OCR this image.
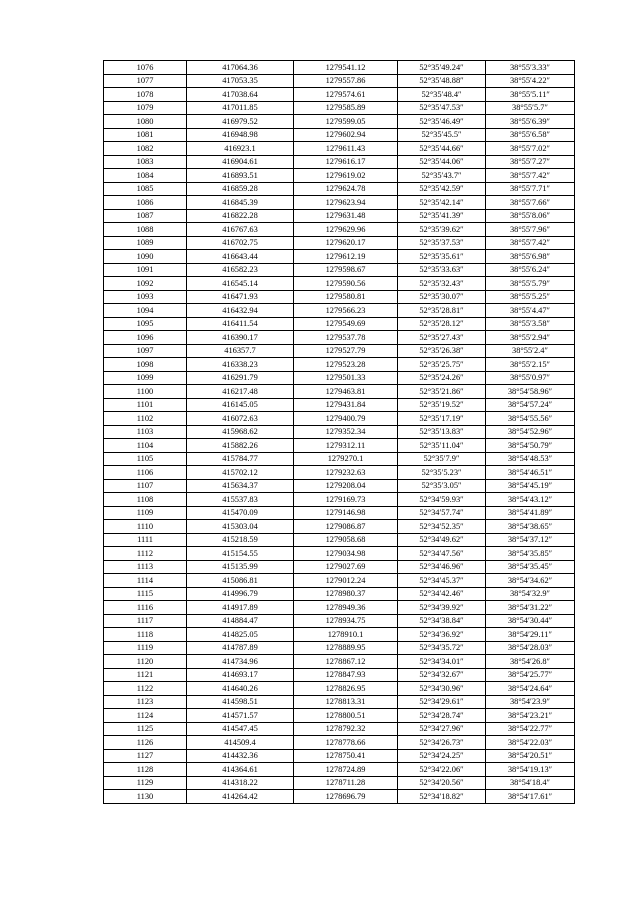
1076	417064.36	1279541.12	52°35′49.24″	38°55′3.33″
1077	417053.35	1279557.86	52°35′48.88″	38°55′4.22″
1078	417038.64	1279574.61	52°35′48.4″	38°55′5.11″
1079	417011.85	1279585.89	52°35′47.53″	38°55′5.7″
1080	416979.52	1279599.05	52°35′46.49″	38°55′6.39″
1081	416948.98	1279602.94	52°35′45.5″	38°55′6.58″
1082	416923.1	1279611.43	52°35′44.66″	38°55′7.02″
1083	416904.61	1279616.17	52°35′44.06″	38°55′7.27″
1084	416893.51	1279619.02	52°35′43.7″	38°55′7.42″
1085	416859.28	1279624.78	52°35′42.59″	38°55′7.71″
1086	416845.39	1279623.94	52°35′42.14″	38°55′7.66″
1087	416822.28	1279631.48	52°35′41.39″	38°55′8.06″
1088	416767.63	1279629.96	52°35′39.62″	38°55′7.96″
1089	416702.75	1279620.17	52°35′37.53″	38°55′7.42″
1090	416643.44	1279612.19	52°35′35.61″	38°55′6.98″
1091	416582.23	1279598.67	52°35′33.63″	38°55′6.24″
1092	416545.14	1279590.56	52°35′32.43″	38°55′5.79″
1093	416471.93	1279580.81	52°35′30.07″	38°55′5.25″
1094	416432.94	1279566.23	52°35′28.81″	38°55′4.47″
1095	416411.54	1279549.69	52°35′28.12″	38°55′3.58″
1096	416390.17	1279537.78	52°35′27.43″	38°55′2.94″
1097	416357.7	1279527.79	52°35′26.38″	38°55′2.4″
1098	416338.23	1279523.28	52°35′25.75″	38°55′2.15″
1099	416291.79	1279501.33	52°35′24.26″	38°55′0.97″
1100	416217.48	1279463.81	52°35′21.86″	38°54′58.96″
1101	416145.05	1279431.84	52°35′19.52″	38°54′57.24″
1102	416072.63	1279400.79	52°35′17.19″	38°54′55.56″
1103	415968.62	1279352.34	52°35′13.83″	38°54′52.96″
1104	415882.26	1279312.11	52°35′11.04″	38°54′50.79″
1105	415784.77	1279270.1	52°35′7.9″	38°54′48.53″
1106	415702.12	1279232.63	52°35′5.23″	38°54′46.51″
1107	415634.37	1279208.04	52°35′3.05″	38°54′45.19″
1108	415537.83	1279169.73	52°34′59.93″	38°54′43.12″
1109	415470.09	1279146.98	52°34′57.74″	38°54′41.89″
1110	415303.04	1279086.87	52°34′52.35″	38°54′38.65″
1111	415218.59	1279058.68	52°34′49.62″	38°54′37.12″
1112	415154.55	1279034.98	52°34′47.56″	38°54′35.85″
1113	415135.99	1279027.69	52°34′46.96″	38°54′35.45″
1114	415086.81	1279012.24	52°34′45.37″	38°54′34.62″
1115	414996.79	1278980.37	52°34′42.46″	38°54′32.9″
1116	414917.89	1278949.36	52°34′39.92″	38°54′31.22″
1117	414884.47	1278934.75	52°34′38.84″	38°54′30.44″
1118	414825.05	1278910.1	52°34′36.92″	38°54′29.11″
1119	414787.89	1278889.95	52°34′35.72″	38°54′28.03″
1120	414734.96	1278867.12	52°34′34.01″	38°54′26.8″
1121	414693.17	1278847.93	52°34′32.67″	38°54′25.77″
1122	414640.26	1278826.95	52°34′30.96″	38°54′24.64″
1123	414598.51	1278813.31	52°34′29.61″	38°54′23.9″
1124	414571.57	1278800.51	52°34′28.74″	38°54′23.21″
1125	414547.45	1278792.32	52°34′27.96″	38°54′22.77″
1126	414509.4	1278778.66	52°34′26.73″	38°54′22.03″
1127	414432.36	1278750.41	52°34′24.25″	38°54′20.51″
1128	414364.61	1278724.89	52°34′22.06″	38°54′19.13″
1129	414318.22	1278711.28	52°34′20.56″	38°54′18.4″
1130	414264.42	1278696.79	52°34′18.82″	38°54′17.61″
